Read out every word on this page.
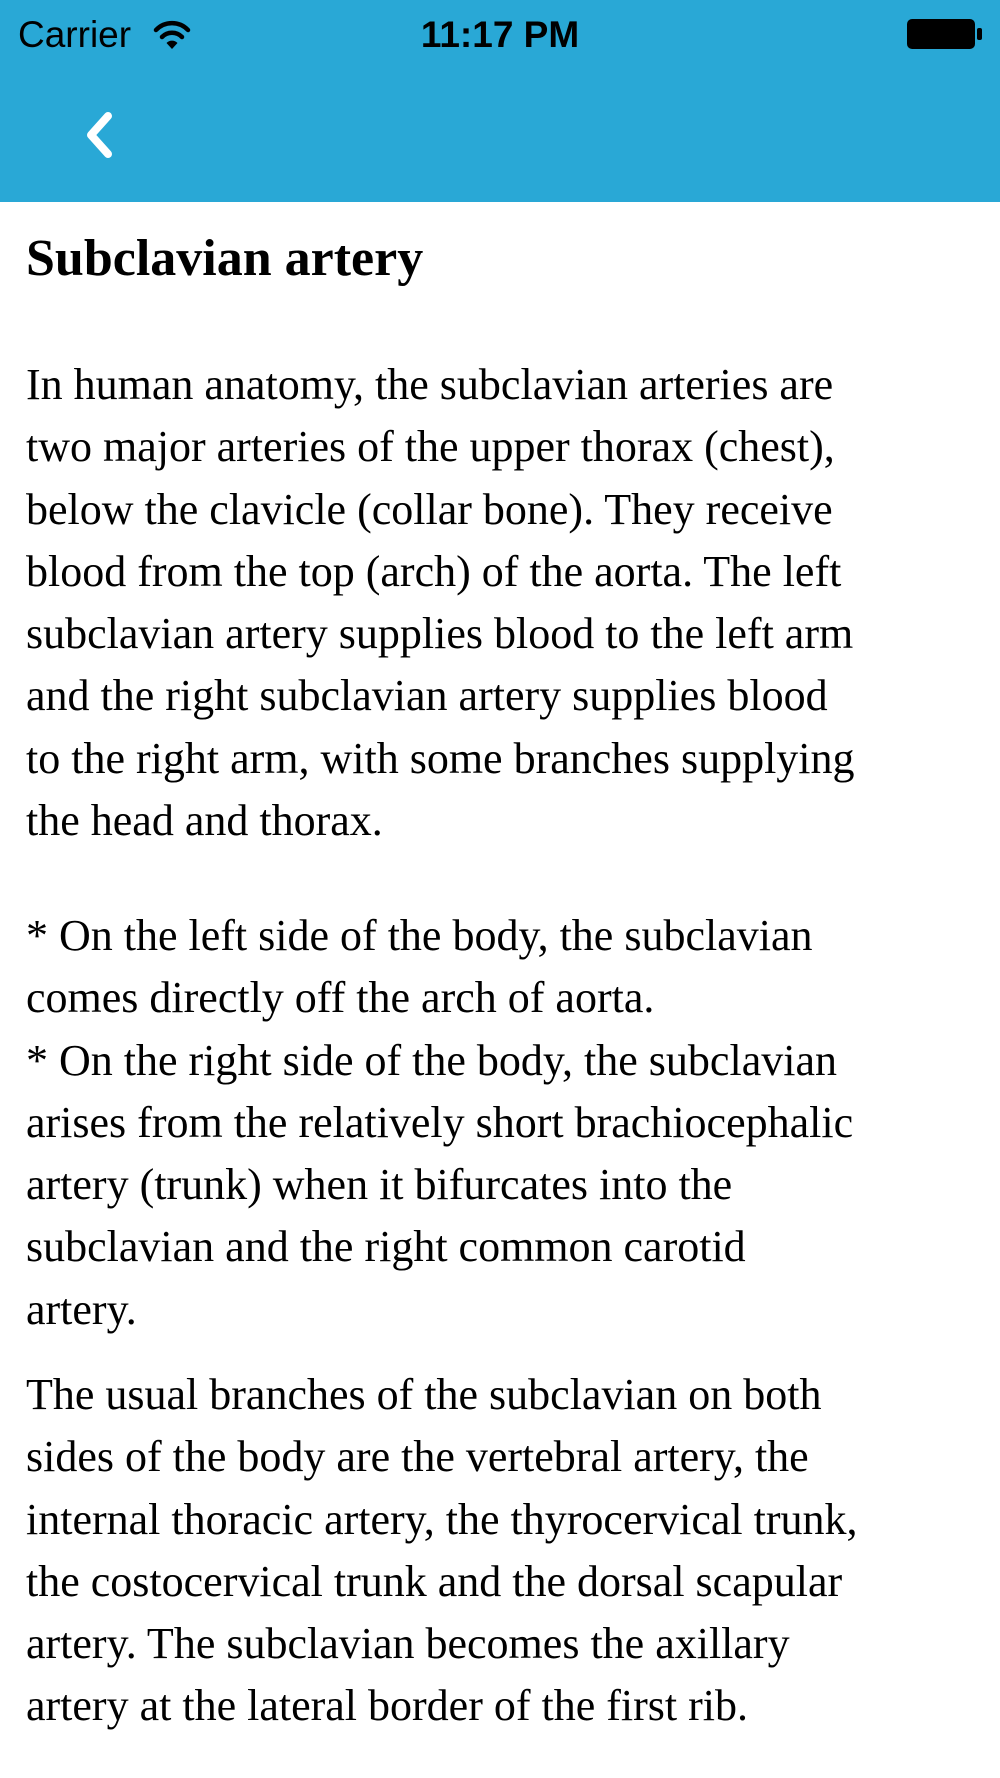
Carrier	11:17 PM
Subclavian artery

In human anatomy, the subclavian arteries are
two major arteries of the upper thorax (chest),
below the clavicle (collar bone). They receive
blood from the top (arch) of the aorta. The left
subclavian artery supplies blood to the left arm
and the right subclavian artery supplies blood
to the right arm, with some branches supplying
the head and thorax.

* On the left side of the body, the subclavian
comes directly off the arch of aorta.
* On the right side of the body, the subclavian
arises from the relatively short brachiocephalic
artery (trunk) when it bifurcates into the
subclavian and the right common carotid
artery.

The usual branches of the subclavian on both
sides of the body are the vertebral artery, the
internal thoracic artery, the thyrocervical trunk,
the costocervical trunk and the dorsal scapular
artery. The subclavian becomes the axillary
artery at the lateral border of the first rib.
